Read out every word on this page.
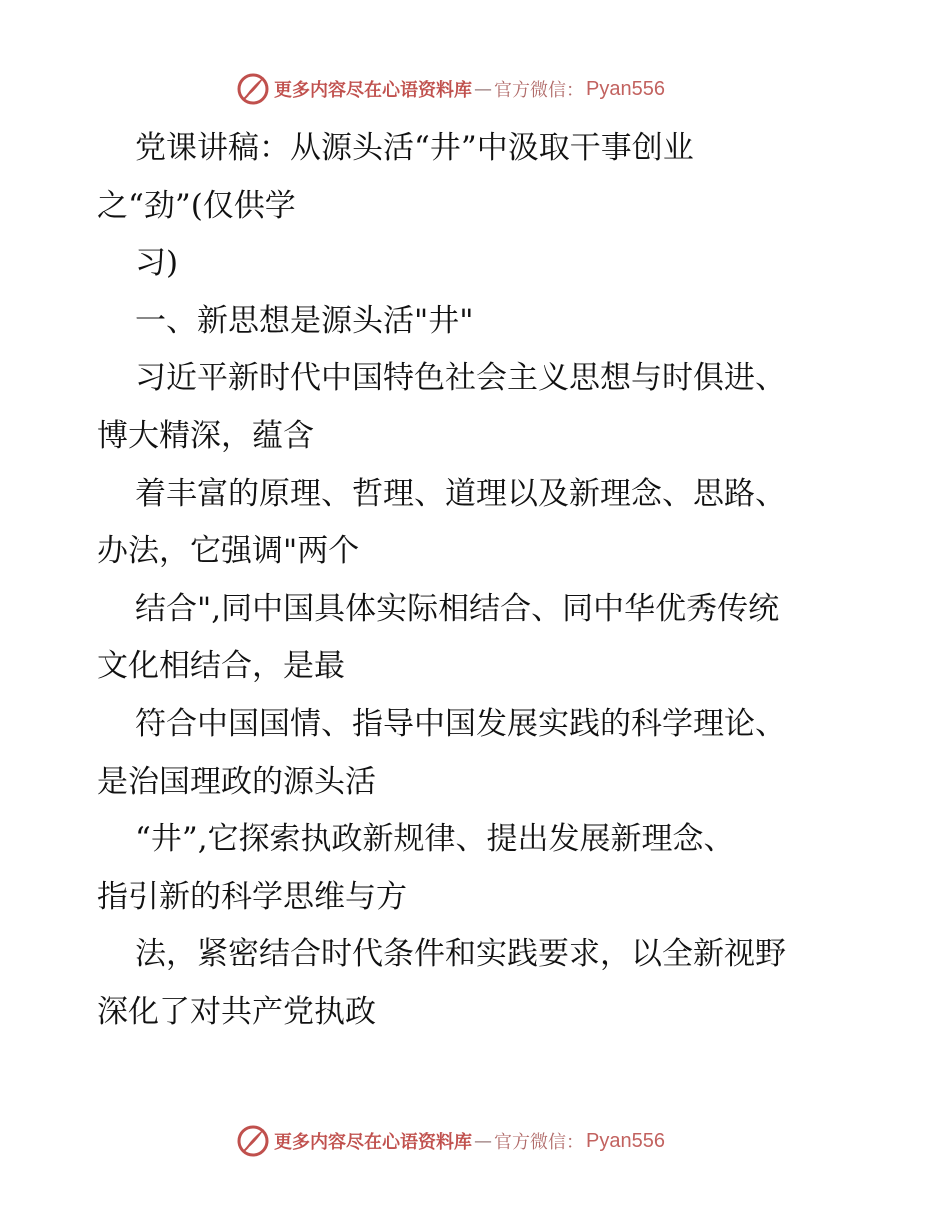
更多内容尽在心语资料库 — 官方微信： Pyan556
党课讲稿：从源头活“井”中汲取干事创业
之“劲”(仅供学
习)
一、新思想是源头活"井"
习近平新时代中国特色社会主义思想与时俱进、
博大精深，蕴含
着丰富的原理、哲理、道理以及新理念、思路、
办法，它强调"两个
结合",同中国具体实际相结合、同中华优秀传统
文化相结合，是最
符合中国国情、指导中国发展实践的科学理论、
是治国理政的源头活
“井”,它探索执政新规律、提出发展新理念、
指引新的科学思维与方
法，紧密结合时代条件和实践要求，以全新视野
深化了对共产党执政
更多内容尽在心语资料库 — 官方微信： Pyan556
